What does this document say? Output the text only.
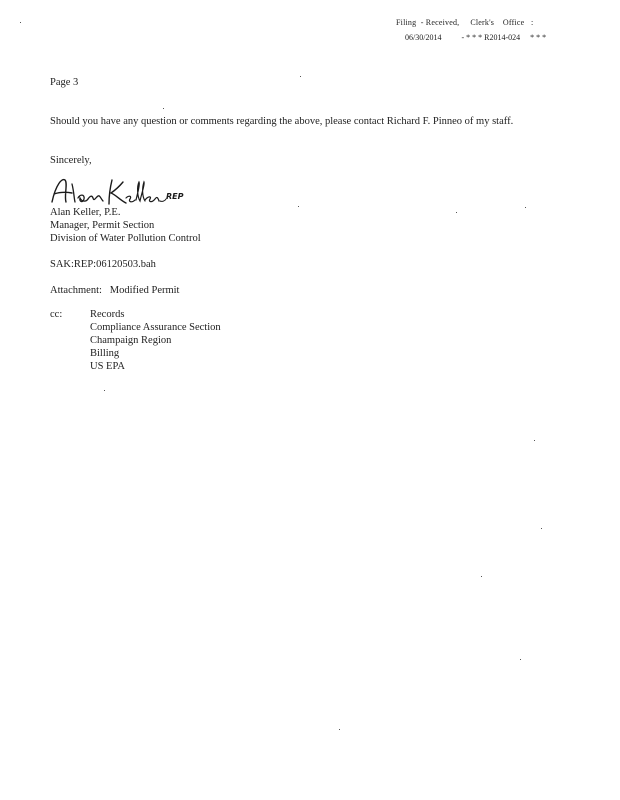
Filing  - Received,     Clerk's    Office   :
06/30/2014          - * * * R2014-024     * * *
Page 3
Should you have any question or comments regarding the above, please contact Richard F. Pinneo of my staff.
Sincerely,
REP
Alan Keller, P.E.
Manager, Permit Section
Division of Water Pollution Control
SAK:REP:06120503.bah
Attachment:   Modified Permit
cc:	Records
Compliance Assurance Section
Champaign Region
Billing
US EPA
